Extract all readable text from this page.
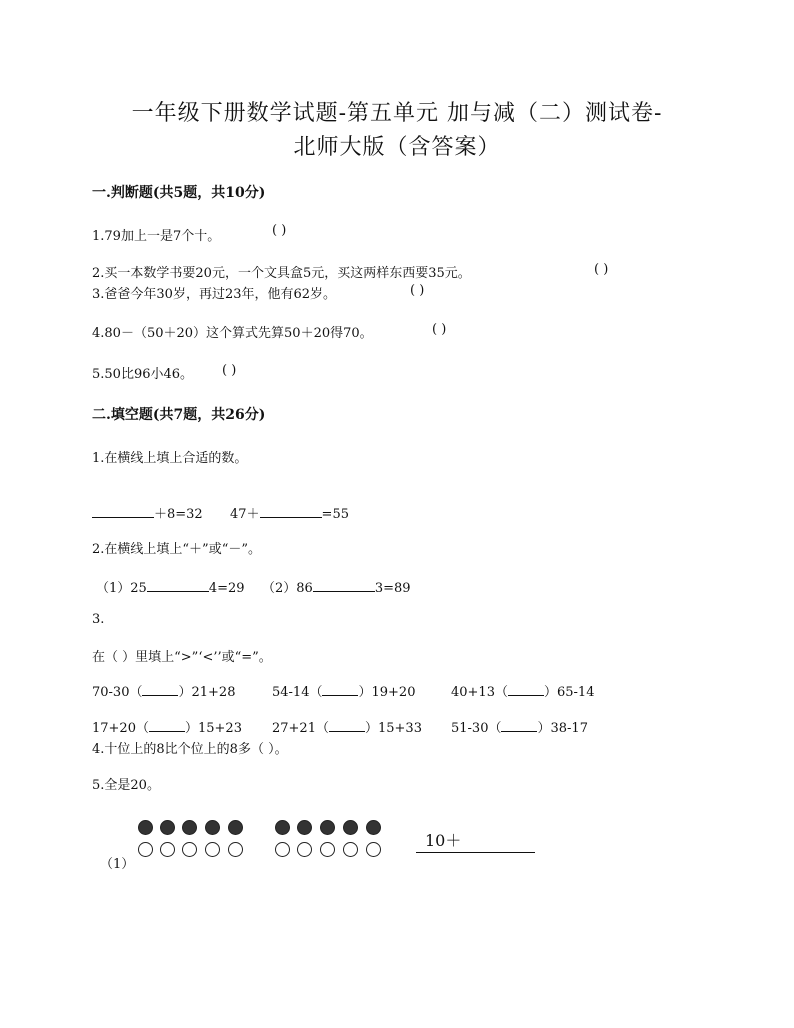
一年级下册数学试题-第五单元 加与减（二）测试卷-
北师大版（含答案）
一.判断题(共5题，共10分)
1.79加上一是7个十。	( )
2.买一本数学书要20元，一个文具盒5元，买这两样东西要35元。	( )
3.爸爸今年30岁，再过23年，他有62岁。	( )
4.80－（50＋20）这个算式先算50＋20得70。	( )
5.50比96小46。 ( )
二.填空题(共7题，共26分)
1.在横线上填上合适的数。
＋8=32 47＋	=55
2.在横线上填上“＋”或“－”。
（1）25	4=29 （2）86	3=89
3.
在（ ）里填上“>”‘<’’或“=”。
70-30（	）21+28	54-14（	）19+20	40+13（	）65-14
17+20（	）15+23 27+21（	）15+33 51-30（	）38-17
4.十位上的8比个位上的8多（ ）。
5.全是20。
（1）
10＋
